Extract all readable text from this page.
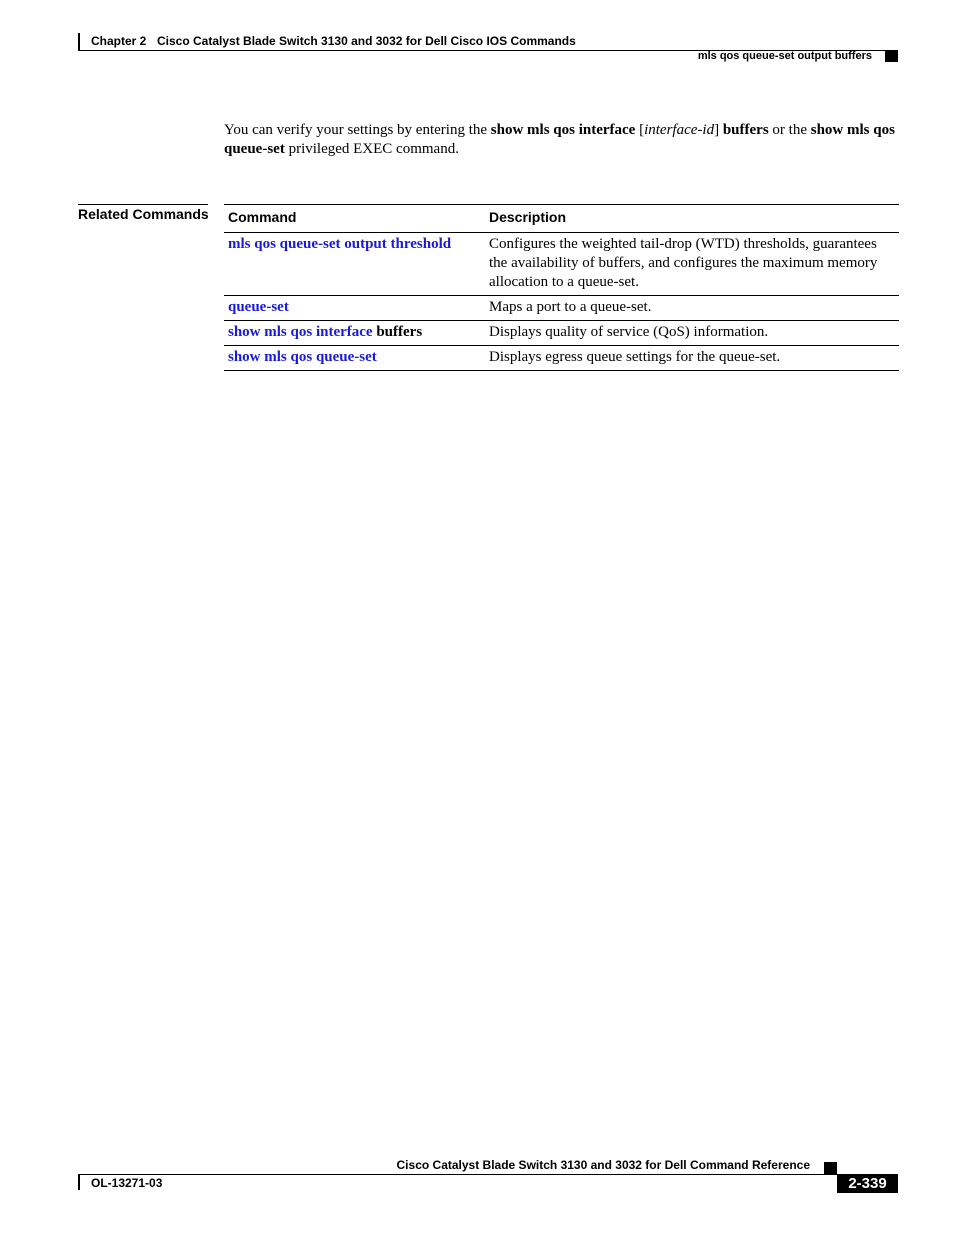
Chapter 2 Cisco Catalyst Blade Switch 3130 and 3032 for Dell Cisco IOS Commands
mls qos queue-set output buffers

You can verify your settings by entering the show mls qos interface [interface-id] buffers or the show mls qos queue-set privileged EXEC command.

Related Commands Command	Description
mls qos queue-set output threshold	Configures the weighted tail-drop (WTD) thresholds, guarantees the availability of buffers, and configures the maximum memory allocation to a queue-set.
queue-set	Maps a port to a queue-set.
show mls qos interface buffers	Displays quality of service (QoS) information.
show mls qos queue-set	Displays egress queue settings for the queue-set.
Cisco Catalyst Blade Switch 3130 and 3032 for Dell Command Reference
OL-13271-03	2-339
